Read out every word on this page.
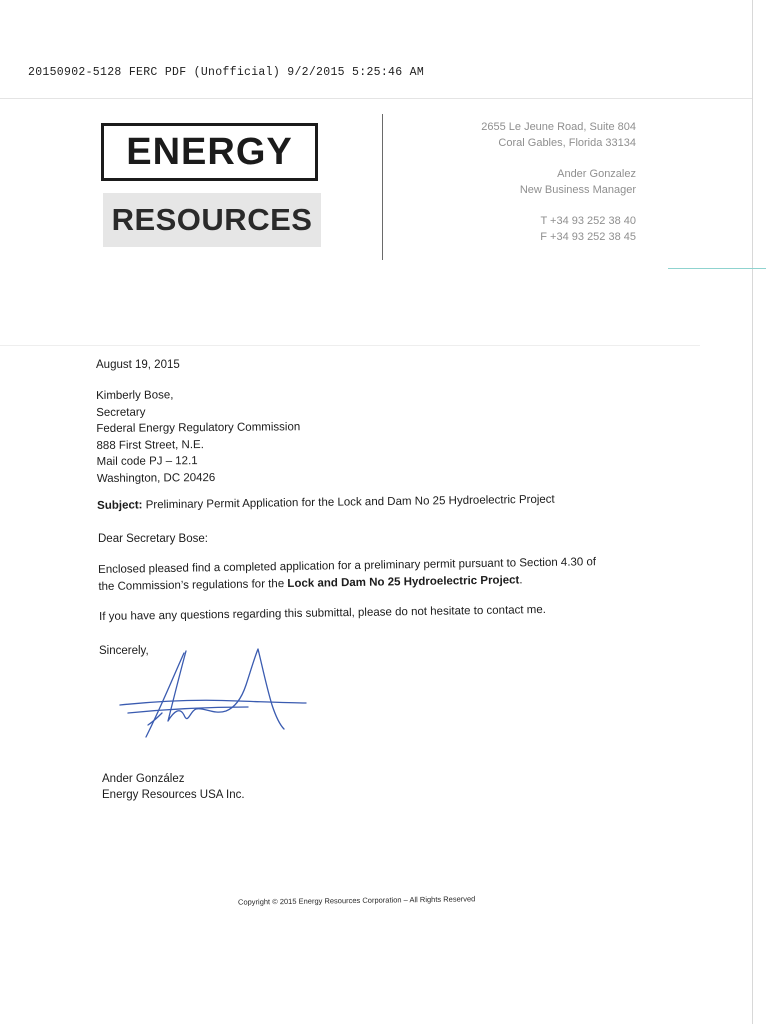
20150902-5128 FERC PDF (Unofficial) 9/2/2015 5:25:46 AM
ENERGY
RESOURCES
2655 Le Jeune Road, Suite 804
Coral Gables, Florida 33134
Ander Gonzalez
New Business Manager
T +34 93 252 38 40
F +34 93 252 38 45
August 19, 2015
Kimberly Bose,
Secretary
Federal Energy Regulatory Commission
888 First Street, N.E.
Mail code PJ – 12.1
Washington, DC 20426
Subject: Preliminary Permit Application for the Lock and Dam No 25 Hydroelectric Project
Dear Secretary Bose:
Enclosed pleased find a completed application for a preliminary permit pursuant to Section 4.30 of
the Commission’s regulations for the Lock and Dam No 25 Hydroelectric Project.
If you have any questions regarding this submittal, please do not hesitate to contact me.
Sincerely,
Ander González
Energy Resources USA Inc.
Copyright © 2015 Energy Resources Corporation – All Rights Reserved
